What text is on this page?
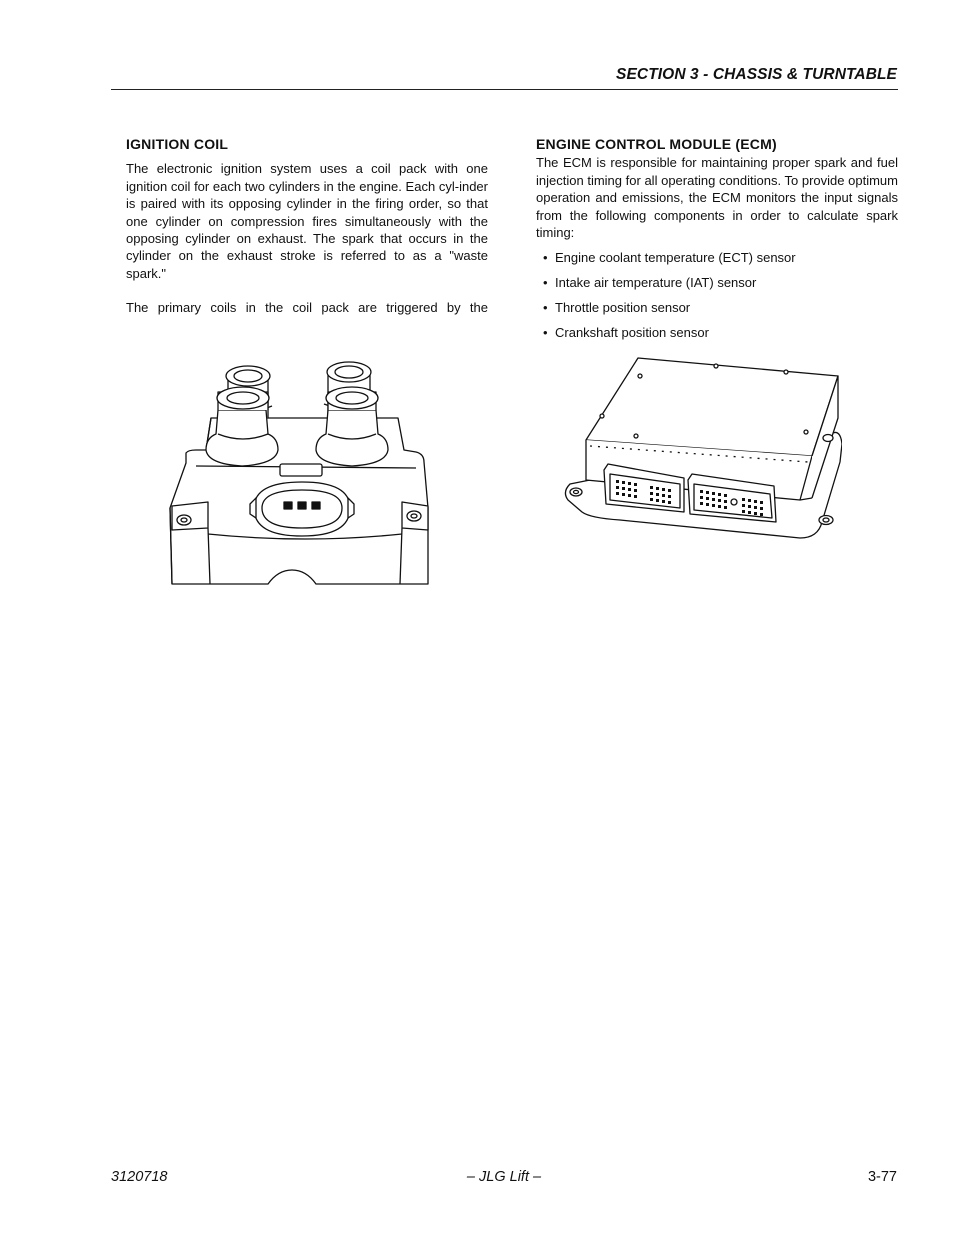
SECTION 3 - CHASSIS & TURNTABLE
IGNITION COIL

The electronic ignition system uses a coil pack with one ignition coil for each two cylinders in the engine. Each cyl-inder is paired with its opposing cylinder in the firing order, so that one cylinder on compression fires simultaneously with the opposing cylinder on exhaust. The spark that occurs in the cylinder on the exhaust stroke is referred to as a "waste spark."

The primary coils in the coil pack are triggered by the

ENGINE CONTROL MODULE (ECM)

The ECM is responsible for maintaining proper spark and fuel injection timing for all operating conditions. To provide optimum operation and emissions, the ECM monitors the input signals from the following components in order to calculate spark timing:

• Engine coolant temperature (ECT) sensor
• Intake air temperature (IAT) sensor
• Throttle position sensor
• Crankshaft position sensor
3120718	– JLG Lift –	3-77
